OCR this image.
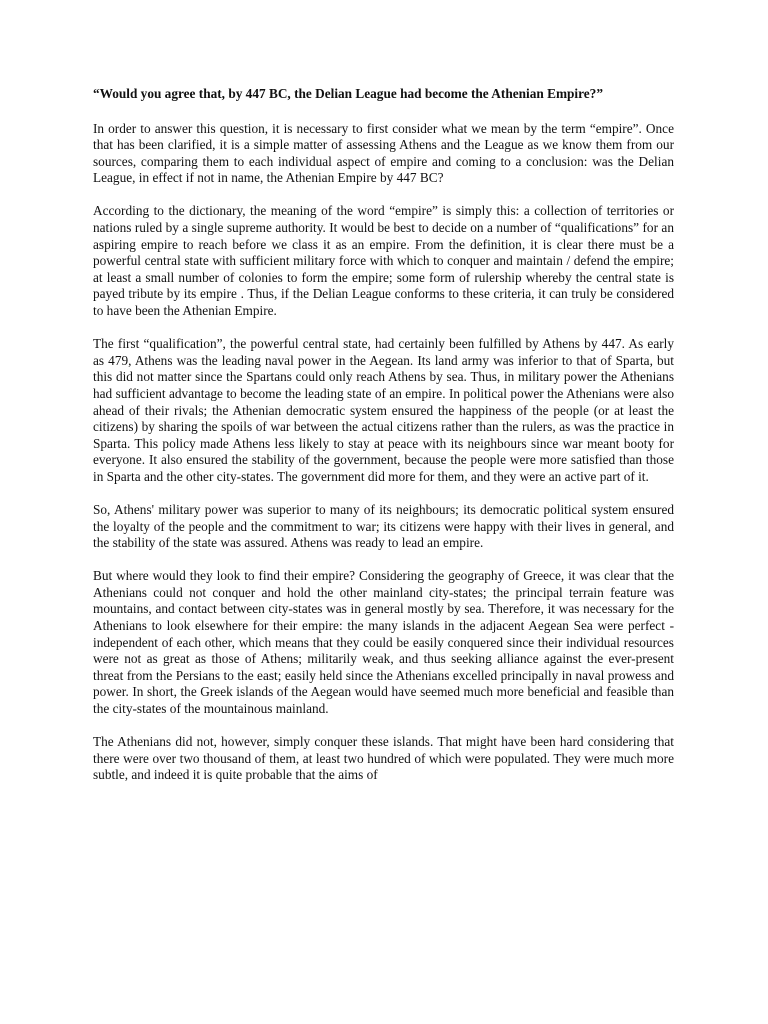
“Would you agree that, by 447 BC, the Delian League had become the Athenian Empire?”

In order to answer this question, it is necessary to first consider what we mean by the term “empire”. Once that has been clarified, it is a simple matter of assessing Athens and the League as we know them from our sources, comparing them to each individual aspect of empire and coming to a conclusion: was the Delian League, in effect if not in name, the Athenian Empire by 447 BC?

According to the dictionary, the meaning of the word “empire” is simply this: a collection of territories or nations ruled by a single supreme authority. It would be best to decide on a number of “qualifications” for an aspiring empire to reach before we class it as an empire. From the definition, it is clear there must be a powerful central state with sufficient military force with which to conquer and maintain / defend the empire; at least a small number of colonies to form the empire; some form of rulership whereby the central state is payed tribute by its empire . Thus, if the Delian League conforms to these criteria, it can truly be considered to have been the Athenian Empire.

The first “qualification”, the powerful central state, had certainly been fulfilled by Athens by 447. As early as 479, Athens was the leading naval power in the Aegean. Its land army was inferior to that of Sparta, but this did not matter since the Spartans could only reach Athens by sea. Thus, in military power the Athenians had sufficient advantage to become the leading state of an empire. In political power the Athenians were also ahead of their rivals; the Athenian democratic system ensured the happiness of the people (or at least the citizens) by sharing the spoils of war between the actual citizens rather than the rulers, as was the practice in Sparta. This policy made Athens less likely to stay at peace with its neighbours since war meant booty for everyone. It also ensured the stability of the government, because the people were more satisfied than those in Sparta and the other city-states. The government did more for them, and they were an active part of it.

So, Athens' military power was superior to many of its neighbours; its democratic political system ensured the loyalty of the people and the commitment to war; its citizens were happy with their lives in general, and the stability of the state was assured. Athens was ready to lead an empire.

But where would they look to find their empire? Considering the geography of Greece, it was clear that the Athenians could not conquer and hold the other mainland city-states; the principal terrain feature was mountains, and contact between city-states was in general mostly by sea. Therefore, it was necessary for the Athenians to look elsewhere for their empire: the many islands in the adjacent Aegean Sea were perfect - independent of each other, which means that they could be easily conquered since their individual resources were not as great as those of Athens; militarily weak, and thus seeking alliance against the ever-present threat from the Persians to the east; easily held since the Athenians excelled principally in naval prowess and power. In short, the Greek islands of the Aegean would have seemed much more beneficial and feasible than the city-states of the mountainous mainland.

The Athenians did not, however, simply conquer these islands. That might have been hard considering that there were over two thousand of them, at least two hundred of which were populated. They were much more subtle, and indeed it is quite probable that the aims of
